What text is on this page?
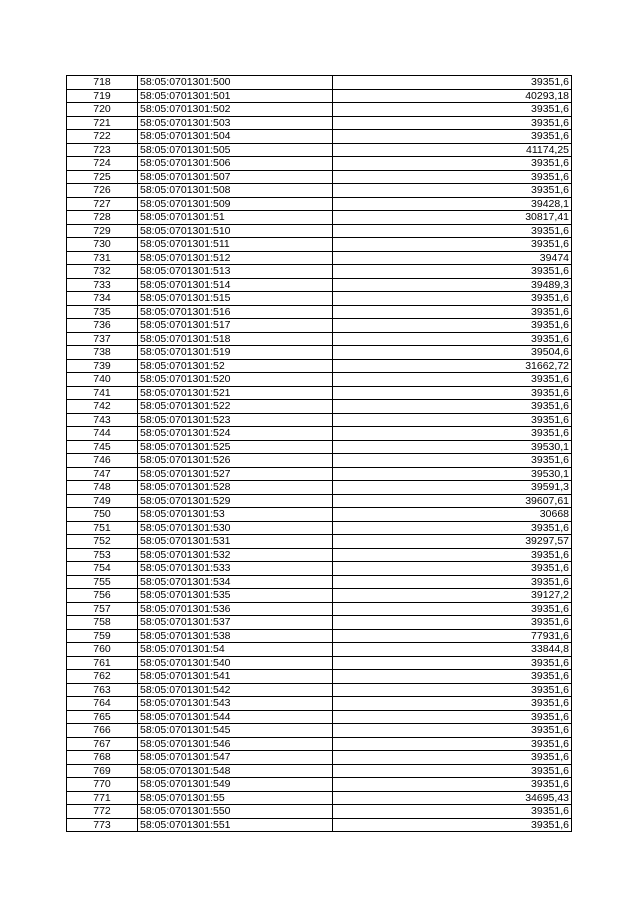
718	58:05:0701301:500	39351,6
719	58:05:0701301:501	40293,18
720	58:05:0701301:502	39351,6
721	58:05:0701301:503	39351,6
722	58:05:0701301:504	39351,6
723	58:05:0701301:505	41174,25
724	58:05:0701301:506	39351,6
725	58:05:0701301:507	39351,6
726	58:05:0701301:508	39351,6
727	58:05:0701301:509	39428,1
728	58:05:0701301:51	30817,41
729	58:05:0701301:510	39351,6
730	58:05:0701301:511	39351,6
731	58:05:0701301:512	39474
732	58:05:0701301:513	39351,6
733	58:05:0701301:514	39489,3
734	58:05:0701301:515	39351,6
735	58:05:0701301:516	39351,6
736	58:05:0701301:517	39351,6
737	58:05:0701301:518	39351,6
738	58:05:0701301:519	39504,6
739	58:05:0701301:52	31662,72
740	58:05:0701301:520	39351,6
741	58:05:0701301:521	39351,6
742	58:05:0701301:522	39351,6
743	58:05:0701301:523	39351,6
744	58:05:0701301:524	39351,6
745	58:05:0701301:525	39530,1
746	58:05:0701301:526	39351,6
747	58:05:0701301:527	39530,1
748	58:05:0701301:528	39591,3
749	58:05:0701301:529	39607,61
750	58:05:0701301:53	30668
751	58:05:0701301:530	39351,6
752	58:05:0701301:531	39297,57
753	58:05:0701301:532	39351,6
754	58:05:0701301:533	39351,6
755	58:05:0701301:534	39351,6
756	58:05:0701301:535	39127,2
757	58:05:0701301:536	39351,6
758	58:05:0701301:537	39351,6
759	58:05:0701301:538	77931,6
760	58:05:0701301:54	33844,8
761	58:05:0701301:540	39351,6
762	58:05:0701301:541	39351,6
763	58:05:0701301:542	39351,6
764	58:05:0701301:543	39351,6
765	58:05:0701301:544	39351,6
766	58:05:0701301:545	39351,6
767	58:05:0701301:546	39351,6
768	58:05:0701301:547	39351,6
769	58:05:0701301:548	39351,6
770	58:05:0701301:549	39351,6
771	58:05:0701301:55	34695,43
772	58:05:0701301:550	39351,6
773	58:05:0701301:551	39351,6
